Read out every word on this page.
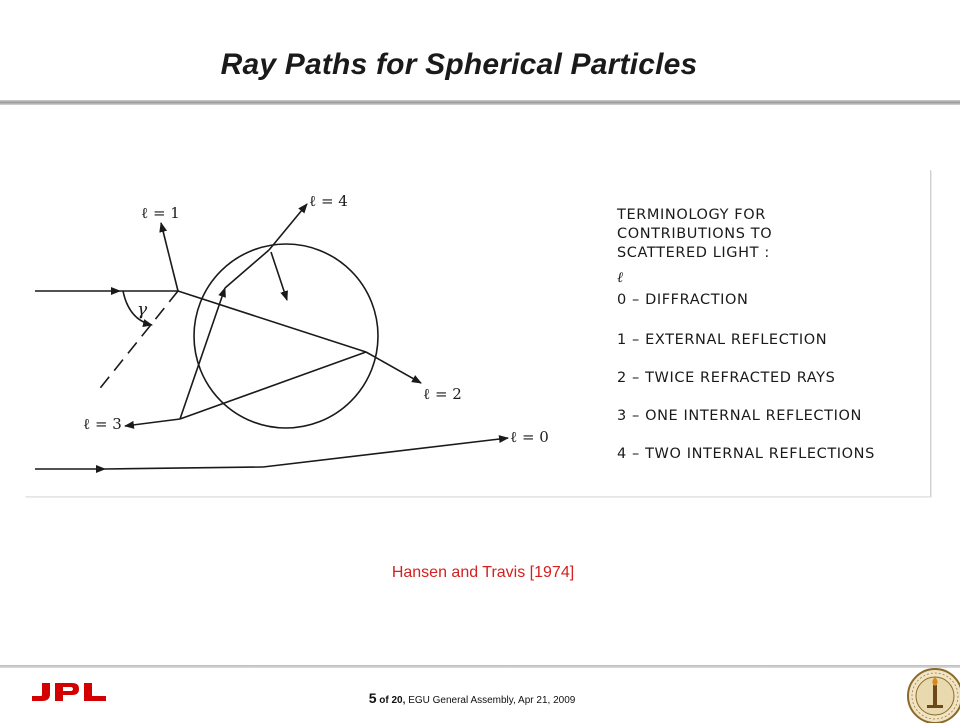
Ray Paths for Spherical Particles
ℓ = 1
ℓ = 4
ℓ = 2
ℓ = 3
ℓ = 0
γ
TERMINOLOGY FOR
CONTRIBUTIONS TO
SCATTERED LIGHT :
ℓ
0 – DIFFRACTION
1 – EXTERNAL REFLECTION
2 – TWICE REFRACTED RAYS
3 – ONE INTERNAL REFLECTION
4 – TWO INTERNAL REFLECTIONS
Hansen and Travis [1974]
5 of 20, EGU General Assembly, Apr 21, 2009
